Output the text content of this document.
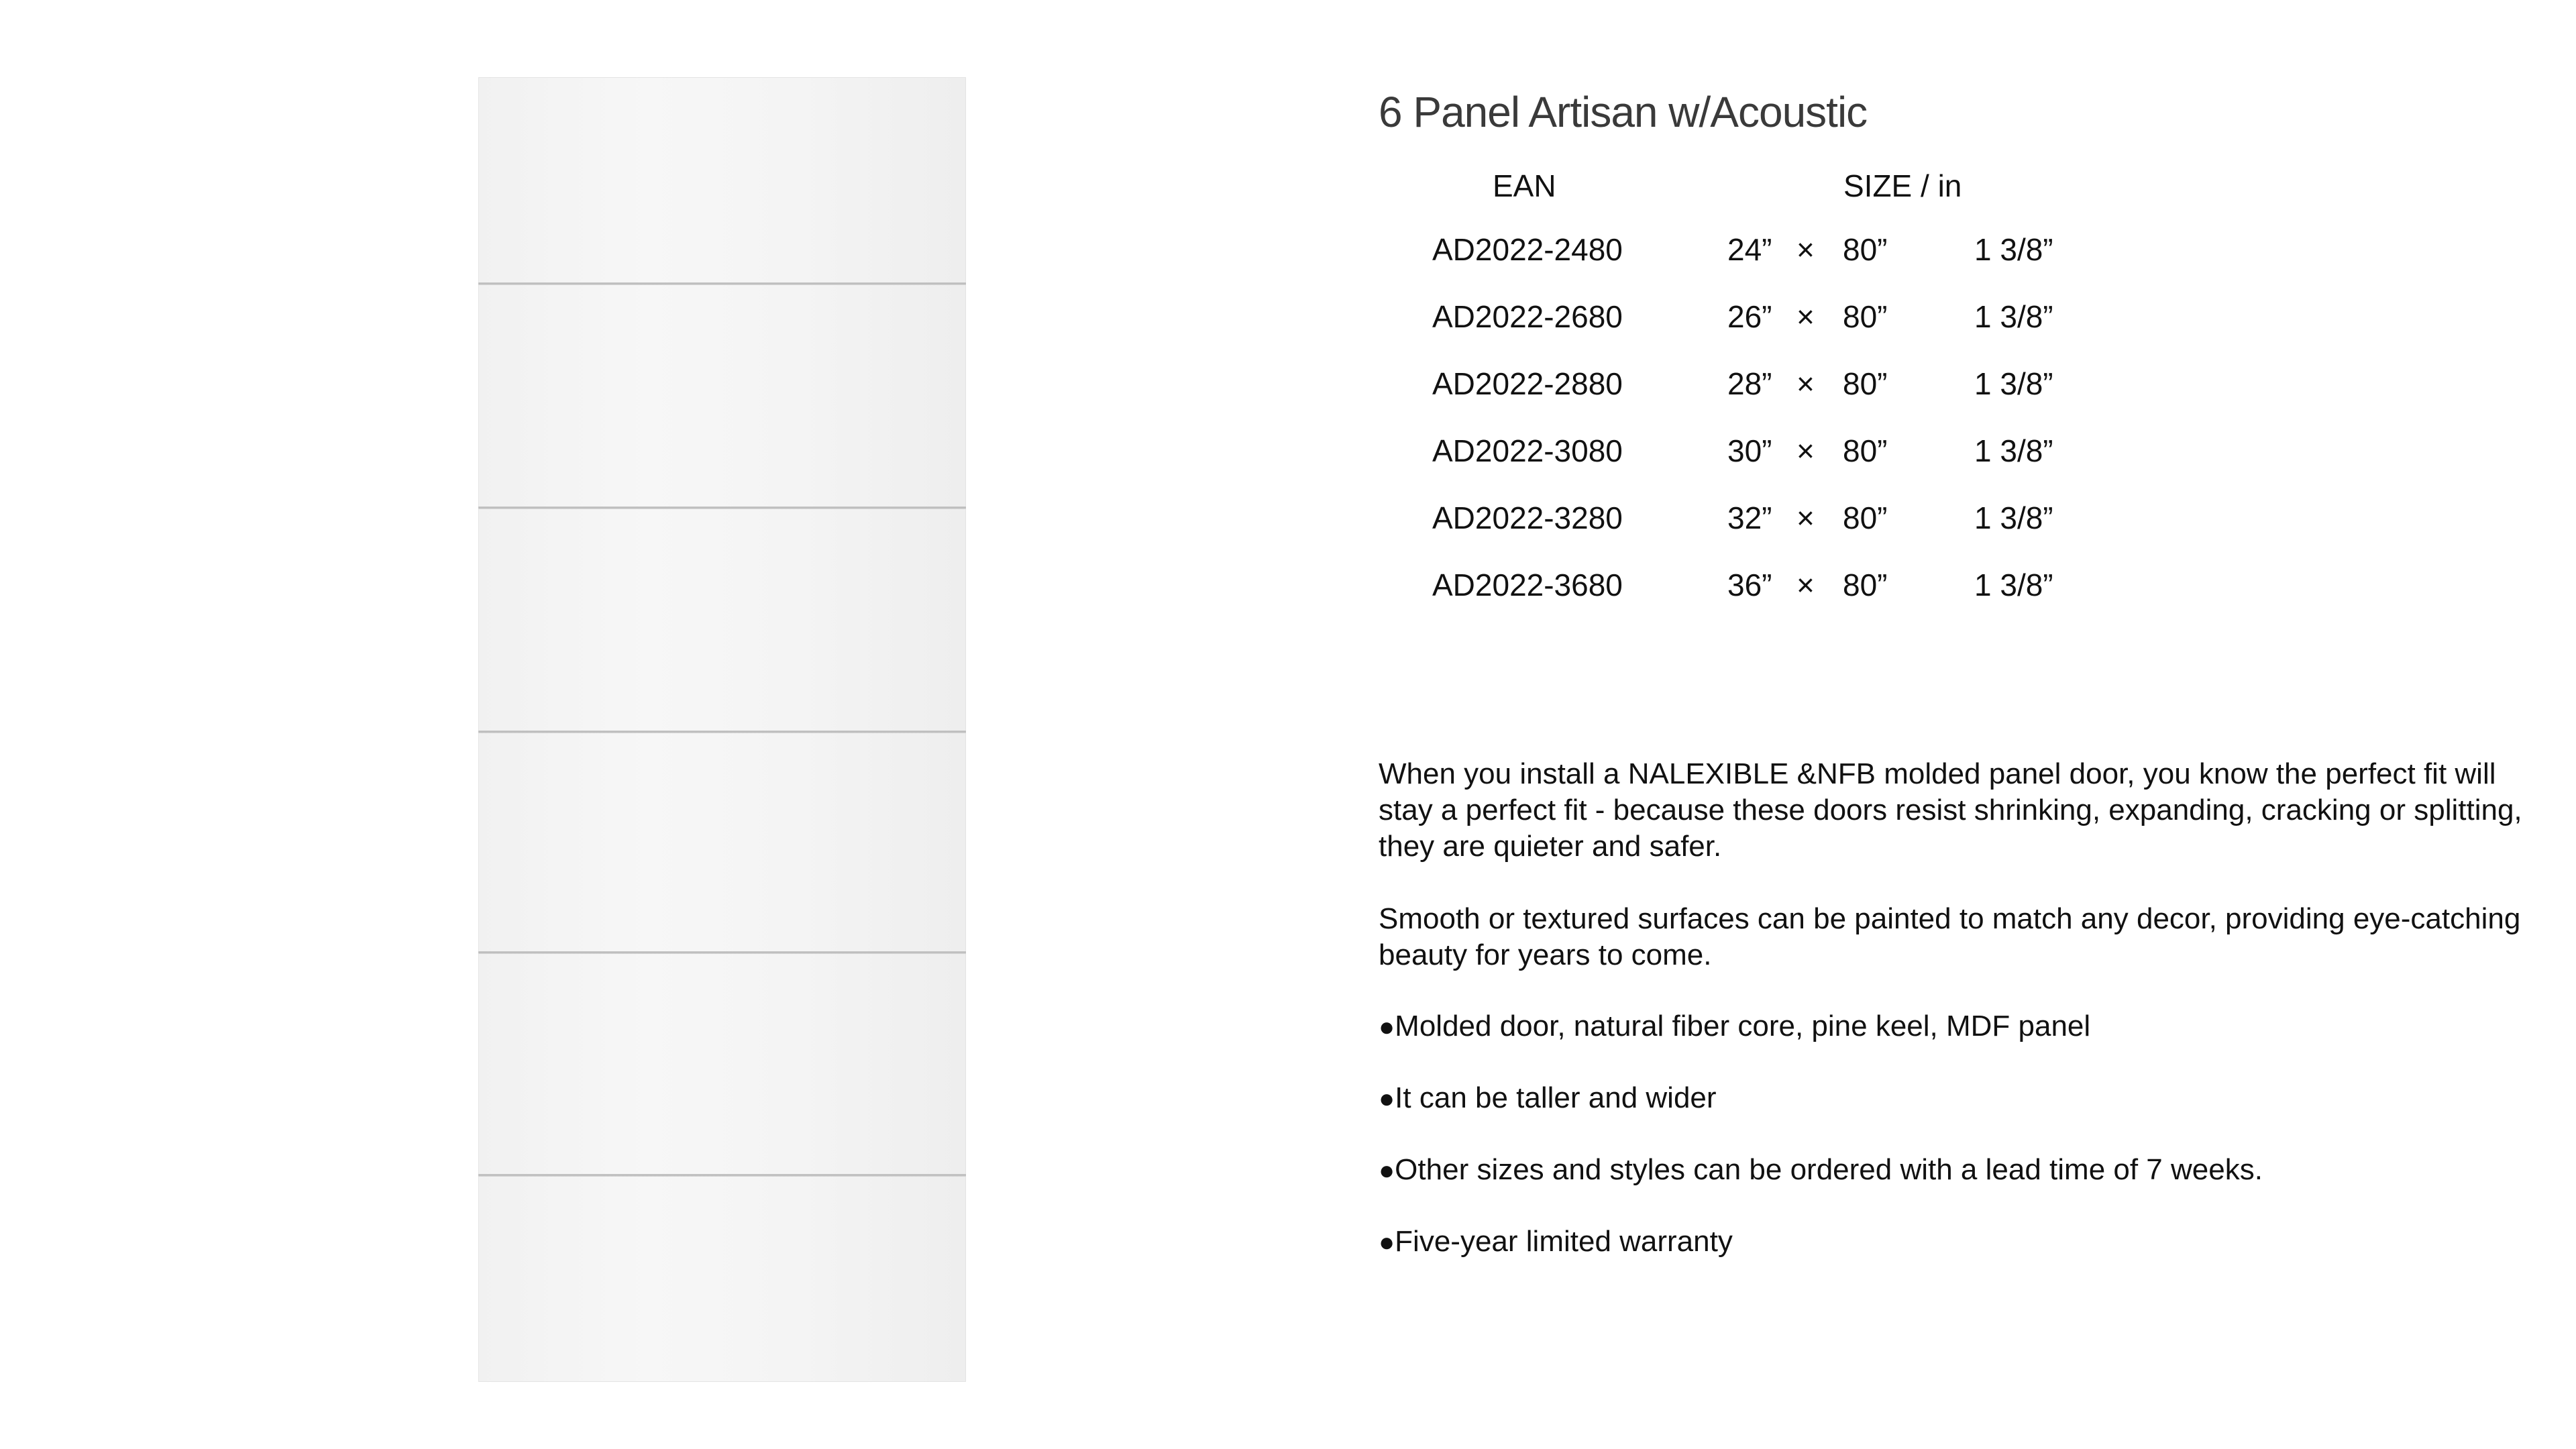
6 Panel Artisan w/Acoustic
EAN	SIZE / in
AD2022-2480	24” × 80”	1 3/8”
AD2022-2680	26” × 80”	1 3/8”
AD2022-2880	28” × 80”	1 3/8”
AD2022-3080	30” × 80”	1 3/8”
AD2022-3280	32” × 80”	1 3/8”
AD2022-3680	36” × 80”	1 3/8”

When you install a NALEXIBLE &NFB molded panel door, you know the perfect fit will stay a perfect fit - because these doors resist shrinking, expanding, cracking or splitting, they are quieter and safer.

Smooth or textured surfaces can be painted to match any decor, providing eye-catching beauty for years to come.

●Molded door, natural fiber core, pine keel, MDF panel
●It can be taller and wider
●Other sizes and styles can be ordered with a lead time of 7 weeks.
●Five-year limited warranty
